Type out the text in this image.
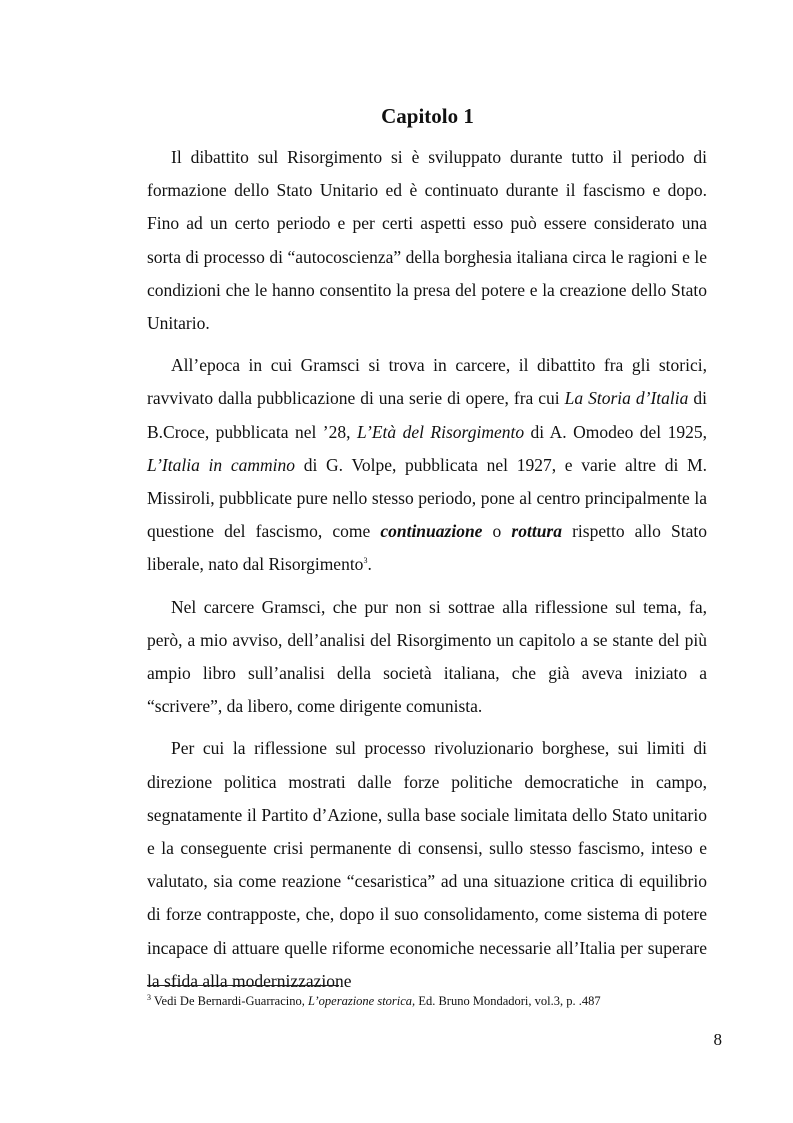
Capitolo 1

Il dibattito sul Risorgimento si è sviluppato durante tutto il periodo di formazione dello Stato Unitario ed è continuato durante il fascismo e dopo. Fino ad un certo periodo e per certi aspetti esso può essere considerato una sorta di processo di “autocoscienza” della borghesia italiana circa le ragioni e le condizioni che le hanno consentito la presa del potere e la creazione dello Stato Unitario.

All’epoca in cui Gramsci si trova in carcere, il dibattito fra gli storici, ravvivato dalla pubblicazione di una serie di opere, fra cui La Storia d’Italia di B.Croce, pubblicata nel ’28, L’Età del Risorgimento di A. Omodeo del 1925, L’Italia in cammino di G. Volpe, pubblicata nel 1927, e varie altre di M. Missiroli, pubblicate pure nello stesso periodo, pone al centro principalmente la questione del fascismo, come continuazione o rottura rispetto allo Stato liberale, nato dal Risorgimento$^3$.

Nel carcere Gramsci, che pur non si sottrae alla riflessione sul tema, fa, però, a mio avviso, dell’analisi del Risorgimento un capitolo a se stante del più ampio libro sull’analisi della società italiana, che già aveva iniziato a “scrivere”, da libero, come dirigente comunista.

Per cui la riflessione sul processo rivoluzionario borghese, sui limiti di direzione politica mostrati dalle forze politiche democratiche in campo, segnatamente il Partito d’Azione, sulla base sociale limitata dello Stato unitario e la conseguente crisi permanente di consensi, sullo stesso fascismo, inteso e valutato, sia come reazione “cesaristica” ad una situazione critica di equilibrio di forze contrapposte, che, dopo il suo consolidamento, come sistema di potere incapace di attuare quelle riforme economiche necessarie all’Italia per superare la sfida alla modernizzazione

$^3$ Vedi De Bernardi-Guarracino, L’operazione storica, Ed. Bruno Mondadori, vol.3, p. .487
8
